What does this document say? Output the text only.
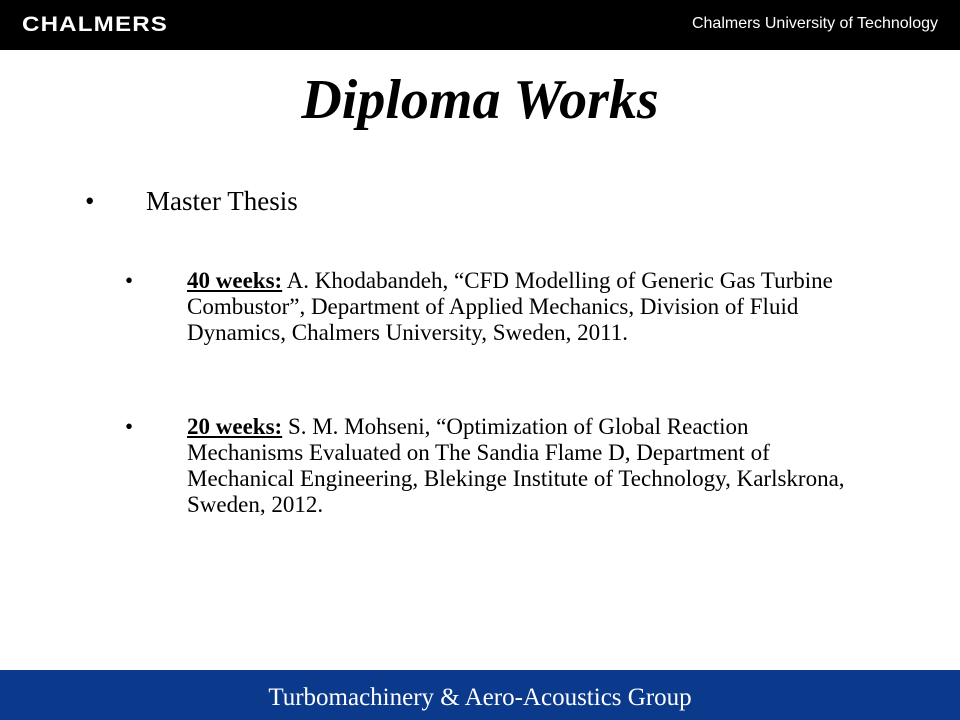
CHALMERS	Chalmers University of Technology
Diploma Works
• Master Thesis
• 40 weeks: A. Khodabandeh, “CFD Modelling of Generic Gas Turbine Combustor”, Department of Applied Mechanics, Division of Fluid Dynamics, Chalmers University, Sweden, 2011.
• 20 weeks: S. M. Mohseni, “Optimization of Global Reaction Mechanisms Evaluated on The Sandia Flame D, Department of Mechanical Engineering, Blekinge Institute of Technology, Karlskrona, Sweden, 2012.
Turbomachinery & Aero-Acoustics Group
